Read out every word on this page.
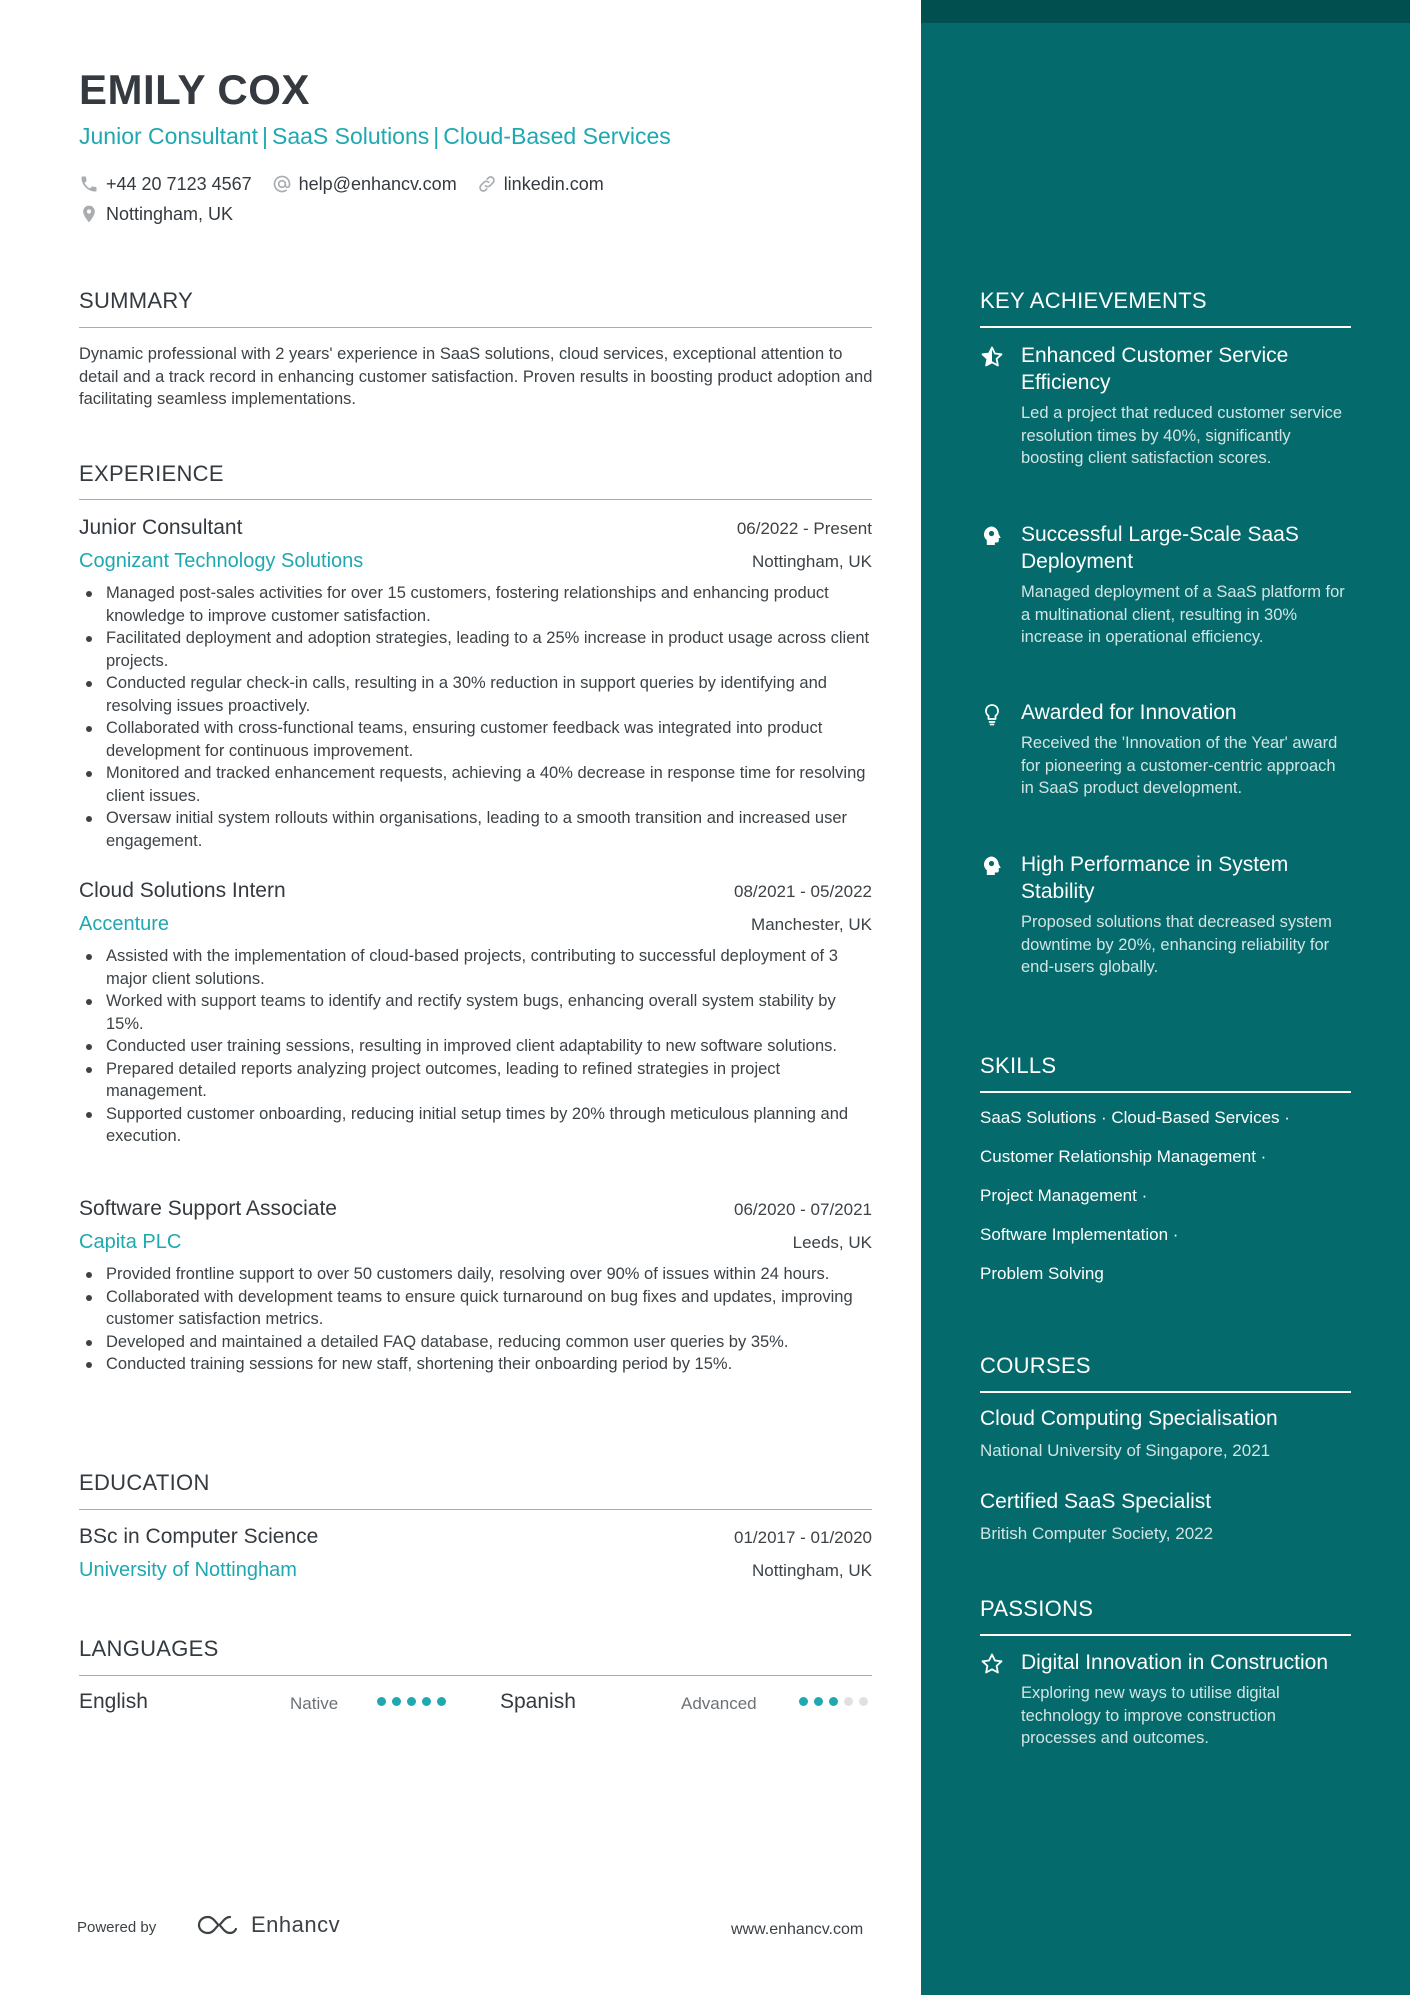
EMILY COX
Junior Consultant | SaaS Solutions | Cloud-Based Services
+44 20 7123 4567	help@enhancv.com	linkedin.com
Nottingham, UK
SUMMARY
Dynamic professional with 2 years' experience in SaaS solutions, cloud services, exceptional attention to detail and a track record in enhancing customer satisfaction. Proven results in boosting product adoption and facilitating seamless implementations.
EXPERIENCE
Junior Consultant	06/2022 - Present
Cognizant Technology Solutions	Nottingham, UK
Managed post-sales activities for over 15 customers, fostering relationships and enhancing product knowledge to improve customer satisfaction.
Facilitated deployment and adoption strategies, leading to a 25% increase in product usage across client projects.
Conducted regular check-in calls, resulting in a 30% reduction in support queries by identifying and resolving issues proactively.
Collaborated with cross-functional teams, ensuring customer feedback was integrated into product development for continuous improvement.
Monitored and tracked enhancement requests, achieving a 40% decrease in response time for resolving client issues.
Oversaw initial system rollouts within organisations, leading to a smooth transition and increased user engagement.
Cloud Solutions Intern	08/2021 - 05/2022
Accenture	Manchester, UK
Assisted with the implementation of cloud-based projects, contributing to successful deployment of 3 major client solutions.
Worked with support teams to identify and rectify system bugs, enhancing overall system stability by 15%.
Conducted user training sessions, resulting in improved client adaptability to new software solutions.
Prepared detailed reports analyzing project outcomes, leading to refined strategies in project management.
Supported customer onboarding, reducing initial setup times by 20% through meticulous planning and execution.
Software Support Associate	06/2020 - 07/2021
Capita PLC	Leeds, UK
Provided frontline support to over 50 customers daily, resolving over 90% of issues within 24 hours.
Collaborated with development teams to ensure quick turnaround on bug fixes and updates, improving customer satisfaction metrics.
Developed and maintained a detailed FAQ database, reducing common user queries by 35%.
Conducted training sessions for new staff, shortening their onboarding period by 15%.
EDUCATION
BSc in Computer Science	01/2017 - 01/2020
University of Nottingham	Nottingham, UK
LANGUAGES
English	Native	Spanish	Advanced
Powered by	Enhancv	www.enhancv.com
KEY ACHIEVEMENTS
Enhanced Customer Service Efficiency
Led a project that reduced customer service resolution times by 40%, significantly boosting client satisfaction scores.
Successful Large-Scale SaaS Deployment
Managed deployment of a SaaS platform for a multinational client, resulting in 30% increase in operational efficiency.
Awarded for Innovation
Received the 'Innovation of the Year' award for pioneering a customer-centric approach in SaaS product development.
High Performance in System Stability
Proposed solutions that decreased system downtime by 20%, enhancing reliability for end-users globally.
SKILLS
SaaS Solutions · Cloud-Based Services ·
Customer Relationship Management ·
Project Management ·
Software Implementation ·
Problem Solving
COURSES
Cloud Computing Specialisation
National University of Singapore, 2021
Certified SaaS Specialist
British Computer Society, 2022
PASSIONS
Digital Innovation in Construction
Exploring new ways to utilise digital technology to improve construction processes and outcomes.
